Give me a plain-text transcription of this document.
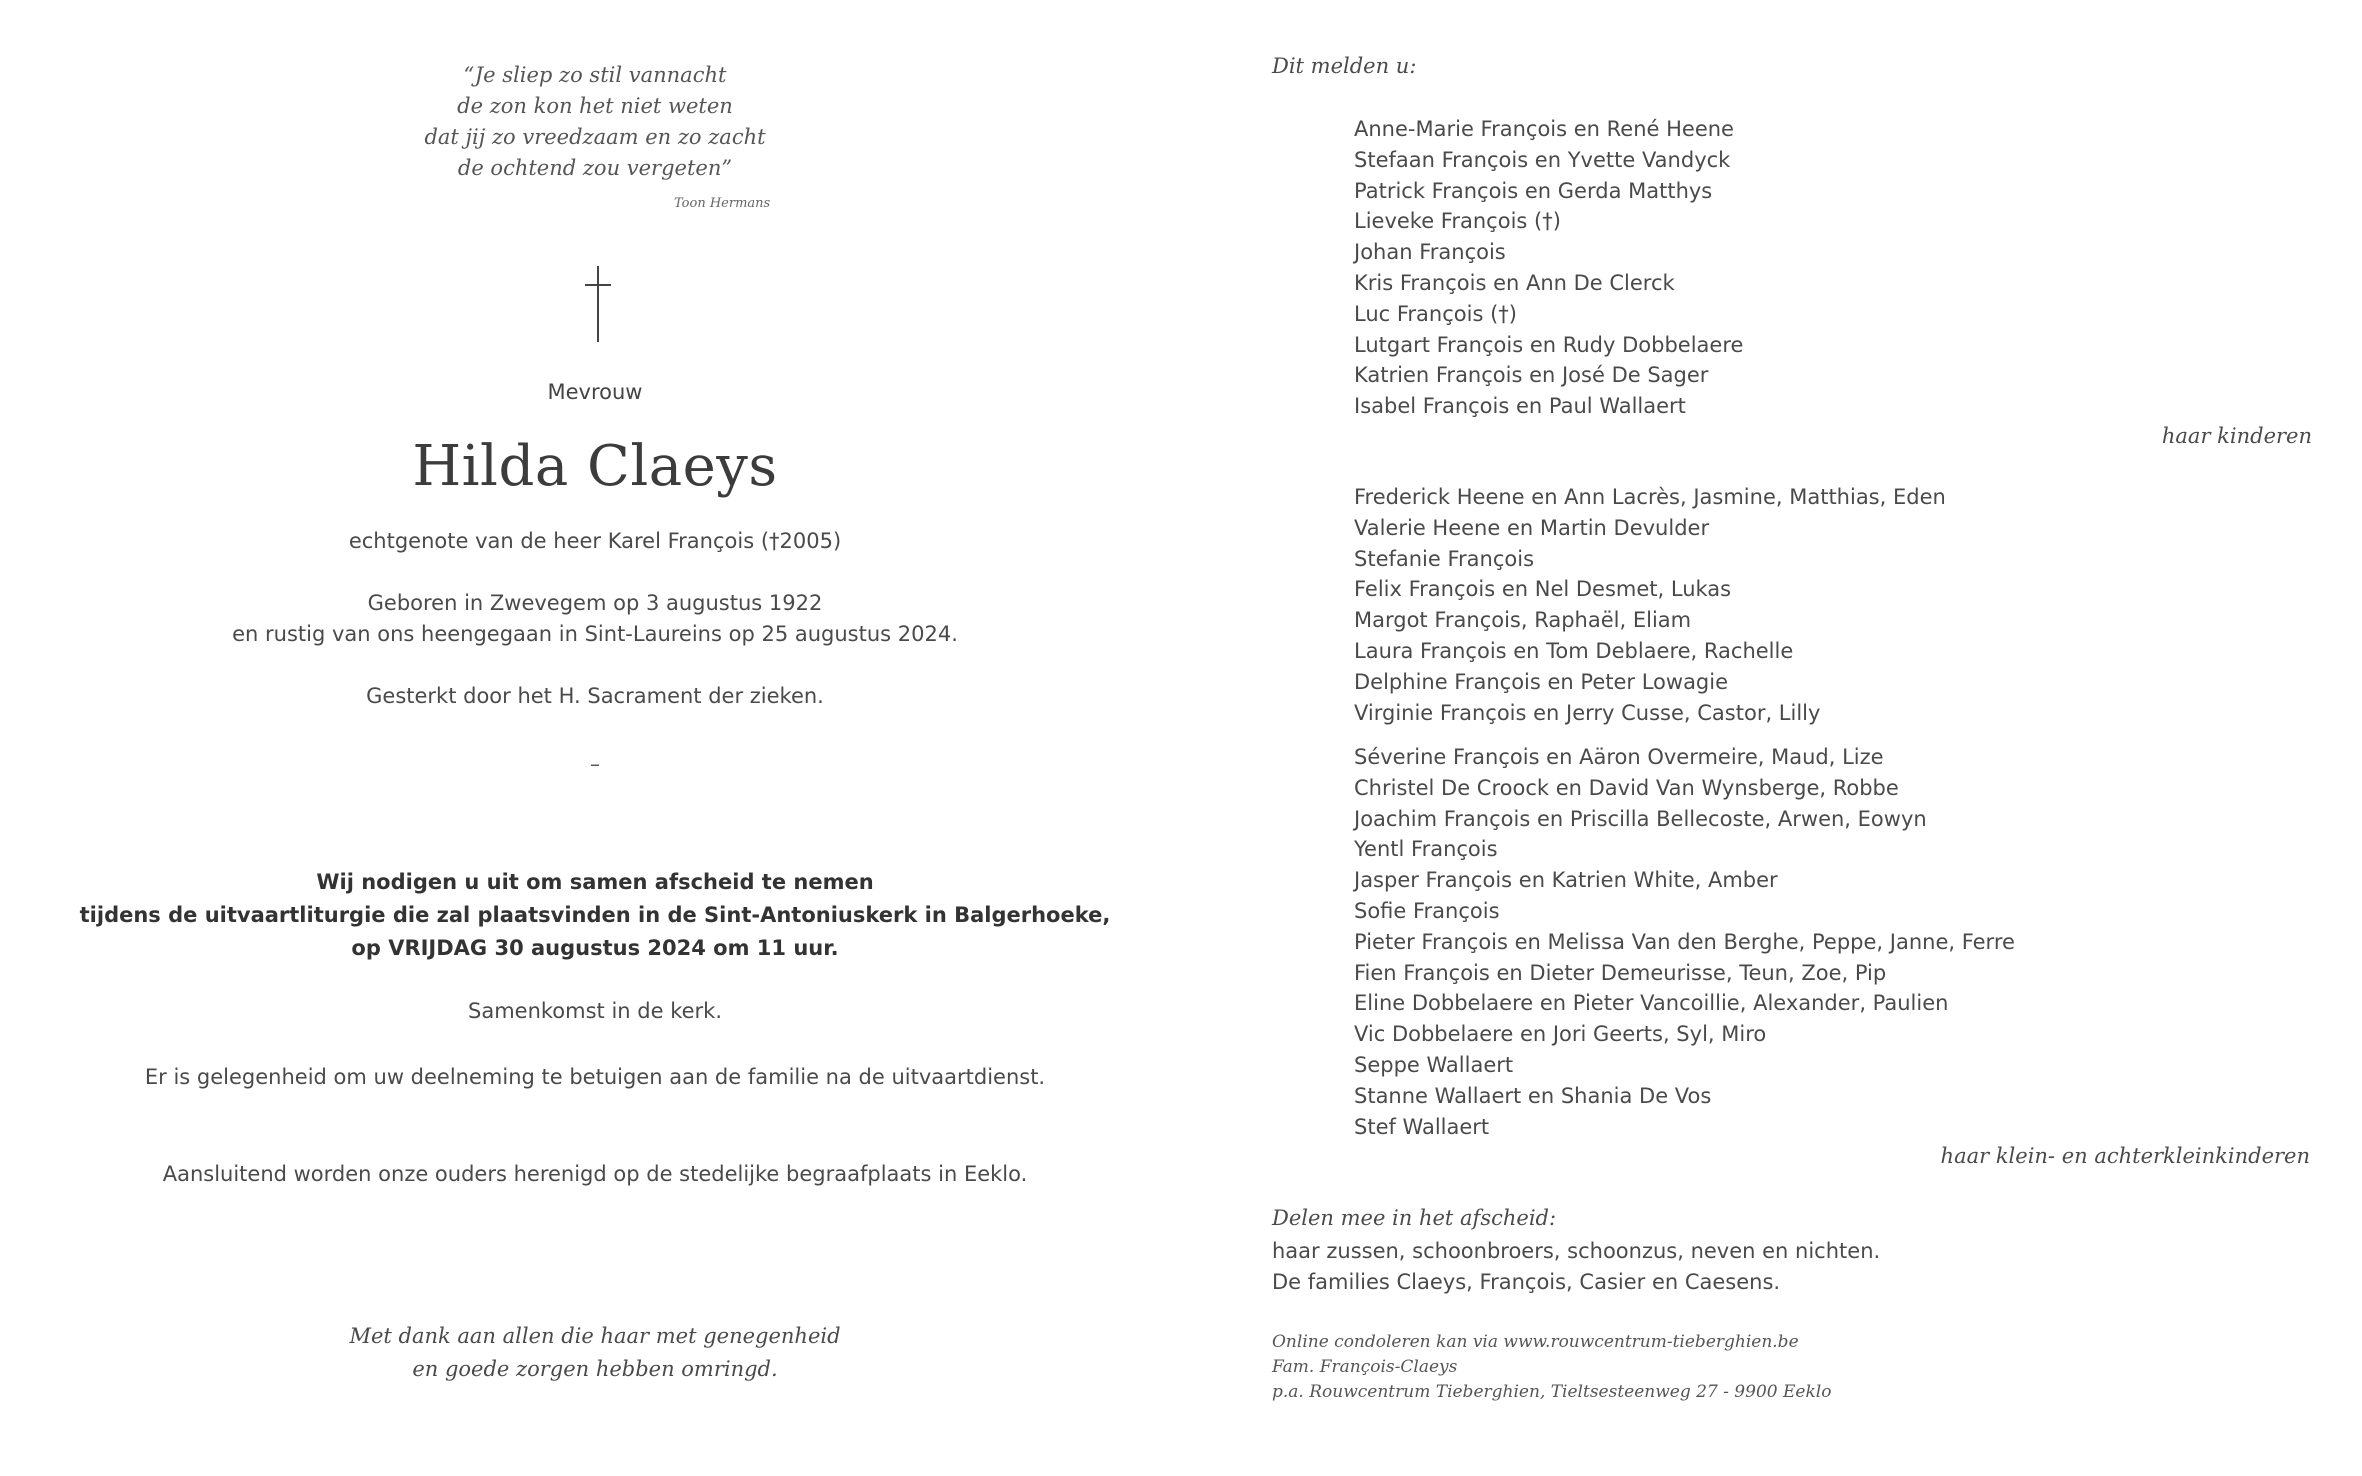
“Je sliep zo stil vannacht
de zon kon het niet weten
dat jij zo vreedzaam en zo zacht
de ochtend zou vergeten”
Toon Hermans
Mevrouw
Hilda Claeys
echtgenote van de heer Karel François (†2005)
Geboren in Zwevegem op 3 augustus 1922
en rustig van ons heengegaan in Sint-Laureins op 25 augustus 2024.
Gesterkt door het H. Sacrament der zieken.
–
Wij nodigen u uit om samen afscheid te nemen
tijdens de uitvaartliturgie die zal plaatsvinden in de Sint-Antoniuskerk in Balgerhoeke,
op VRIJDAG 30 augustus 2024 om 11 uur.
Samenkomst in de kerk.
Er is gelegenheid om uw deelneming te betuigen aan de familie na de uitvaartdienst.
Aansluitend worden onze ouders herenigd op de stedelijke begraafplaats in Eeklo.
Met dank aan allen die haar met genegenheid
en goede zorgen hebben omringd.
Dit melden u:
Anne-Marie François en René Heene
Stefaan François en Yvette Vandyck
Patrick François en Gerda Matthys
Lieveke François (†)
Johan François
Kris François en Ann De Clerck
Luc François (†)
Lutgart François en Rudy Dobbelaere
Katrien François en José De Sager
Isabel François en Paul Wallaert
haar kinderen
Frederick Heene en Ann Lacrès, Jasmine, Matthias, Eden
Valerie Heene en Martin Devulder
Stefanie François
Felix François en Nel Desmet, Lukas
Margot François, Raphaël, Eliam
Laura François en Tom Deblaere, Rachelle
Delphine François en Peter Lowagie
Virginie François en Jerry Cusse, Castor, Lilly
Séverine François en Aäron Overmeire, Maud, Lize
Christel De Croock en David Van Wynsberge, Robbe
Joachim François en Priscilla Bellecoste, Arwen, Eowyn
Yentl François
Jasper François en Katrien White, Amber
Sofie François
Pieter François en Melissa Van den Berghe, Peppe, Janne, Ferre
Fien François en Dieter Demeurisse, Teun, Zoe, Pip
Eline Dobbelaere en Pieter Vancoillie, Alexander, Paulien
Vic Dobbelaere en Jori Geerts, Syl, Miro
Seppe Wallaert
Stanne Wallaert en Shania De Vos
Stef Wallaert
haar klein- en achterkleinkinderen
Delen mee in het afscheid:
haar zussen, schoonbroers, schoonzus, neven en nichten.
De families Claeys, François, Casier en Caesens.
Online condoleren kan via www.rouwcentrum-tieberghien.be
Fam. François-Claeys
p.a. Rouwcentrum Tieberghien, Tieltsesteenweg 27 - 9900 Eeklo
